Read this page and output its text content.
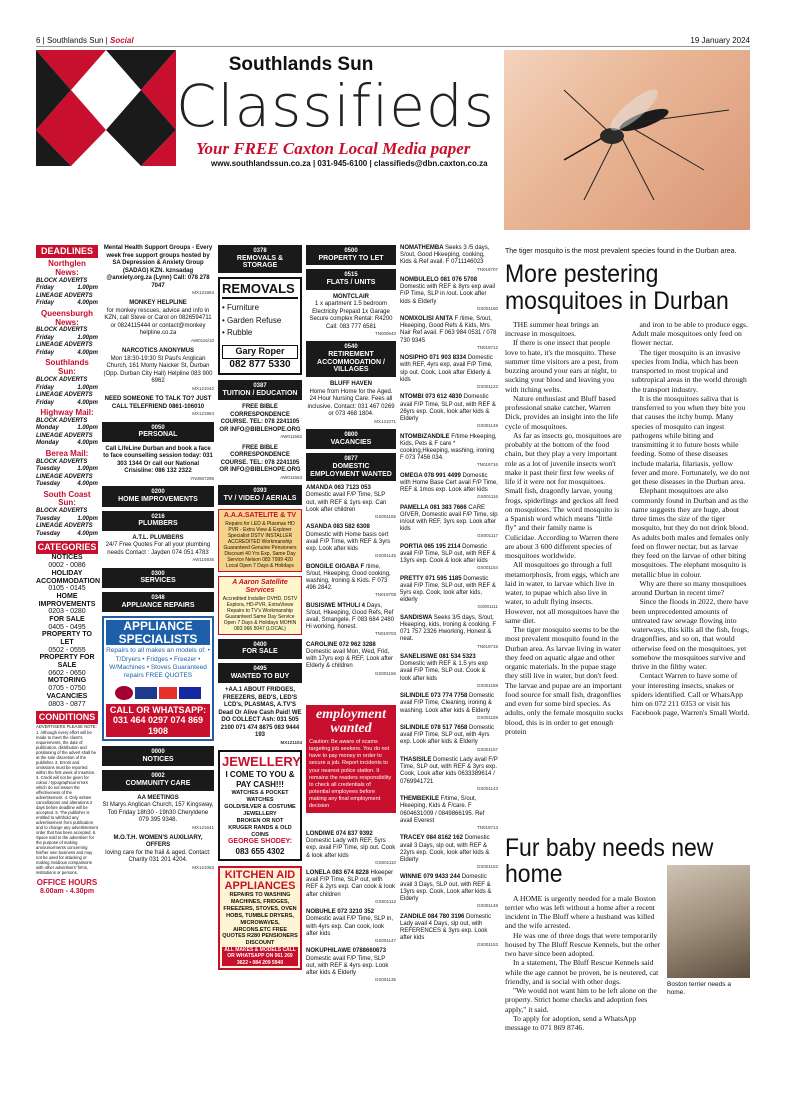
6 | Southlands Sun | Social	19 January 2024
Southlands Sun
Classifieds
Your FREE Caxton Local Media paper
www.southlandssun.co.za | 031-945-6100 | classifieds@dbn.caxton.co.za
DEADLINES
Northglen News:
BLOCK ADVERTS
Friday	1.00pm
LINEAGE ADVERTS
Friday	4.00pm
Queensburgh News:
BLOCK ADVERTS
Friday	1.00pm
LINEAGE ADVERTS
Friday	4.00pm
Southlands Sun:
BLOCK ADVERTS
Friday	1.00pm
LINEAGE ADVERTS
Friday	4.00pm
Highway Mail:
BLOCK ADVERTS
Monday	1.00pm
LINEAGE ADVERTS
Monday	4.00pm
Berea Mail:
BLOCK ADVERTS
Tuesday	1.00pm
LINEAGE ADVERTS
Tuesday	4.00pm
South Coast Sun:
BLOCK ADVERTS
Tuesday	1.00pm
LINEAGE ADVERTS
Tuesday	4.00pm
CATEGORIES
NOTICES
0002 - 0086
HOLIDAY ACCOMMODATION
0105 - 0145
HOME IMPROVEMENTS
0203 - 0280
FOR SALE
0405 - 0495
PROPERTY TO LET
0502 - 0555
PROPERTY FOR SALE
0602 - 0650
MOTORING
0705 - 0750
VACANCIES
0803 - 0877
CONDITIONS
ADVERTISERS PLEASE NOTE: 1. Although every effort will be made to meet the client's requirements, the date of publication, distribution and positioning of the advert shall be at the sole discretion of the publisher. 2. Errors and omissions must be reported within the first week of insertion. 3. Credit will not be given for colour / typographical errors which do not lessen the effectiveness of the advertisement. 4. Only written cancellations and alterations 2 days before deadline will be accepted. 5. The publisher is entitled to withhold any advertisement from publication and to change any advertisement order that has been accepted. 6. Space sold to the advertiser for the purpose of making announcements concerning his/her own business and may not be used for attacking or making invidious comparisons with other advertisers' firms, institutions or persons.
OFFICE HOURS
8.00am - 4.30pm
Mental Health Support Groups - Every week free support groups hosted by SA Depression & Anxiety Group (SADAG) KZN. kznsadag @anxiety.org.za (Lynn) Call: 078 278 7047
MX121864
MONKEY HELPLINE
for monkey rescues, advice and info in KZN, call Steve or Carol on 0826594711 or 0824115444 or contact@monkey helpline.co.za
AW0116/10
NARCOTICS ANONYMUS
Mon 18:30-19:30 St Paul's Anglican Church, 161 Monty Naicker St, Durban (Opp. Durban City Hall) Helpline 083 900 6962
MX121042
NEED SOMEONE TO TALK TO? JUST CALL TELEFRIEND 0861-106010
MX121964
0050
PERSONAL
Call LifeLine Durban and book a face to face counselling session today: 031 303 1344 Or call our National Crisisline: 086 132 2322
YN0667295
0200
HOME IMPROVEMENTS
0216
PLUMBERS
A.T.L. PLUMBERS
24/7 Free Quotes For all your plumbing needs Contact : Jayden 074 051 4783
AW115935
0300
SERVICES
0348
APPLIANCE REPAIRS
APPLIANCE SPECIALISTS
Repairs to all makes an models of: • T/Dryers • Fridges • Freezer • W/Machines • Stoves Guaranteed repairs FREE QUOTES
CALL OR WHATSAPP: 031 464 0297 074 869 1908
0000
NOTICES
0002
COMMUNITY CARE
AA MEETINGS
St Marys Anglican Church, 157 Kingsway, Toti Friday 18h30 - 19h30 Cheryldene 079 395 9348.
MX121641
M.O.T.H. WOMEN'S AUXILIARY, OFFERS
loving care for the frail & aged. Contact: Charity 031 201 4204.
MX121063
0378
REMOVALS & STORAGE
REMOVALS
• Furniture
• Garden Refuse
• Rubble
Gary Roper
082 877 5330
0387
TUITION / EDUCATION
FREE BIBLE CORRESPONDENCE COURSE. TEL: 078 2241105 OR INFO@BIBLEHOPE.ORG
AW011562
FREE BIBLE CORRESPONDENCE COURSE. TEL: 078 2241105 OR INFO@BIBLEHOPE.ORG
AW011563
0393
TV / VIDEO / AERIALS
A.A.A.SATELITE & TV
Repairs for LED & Plasmas HD PVR - Extra View & Explorer Specialist DSTV INSTALLER ACCREDITED Workmanship Guaranteed Genuine Pensioners Discount 40 Yrs Exp, Same Day Service Nelson 083 7999 420 Local Open 7 Days & Holidays
A Aaron Satellite Services
Accredited Installer OVHD, DSTV Explora, HD-PVR, ExtraViews Repairs to TV's Workmanship Guaranteed Same Day Service Open 7 Days & Holidays MOHIN 083 966 5047 (LOCAL)
0400
FOR SALE
0495
WANTED TO BUY
+AA.1 ABOUT FRIDGES, FREEZERS, BED'S, LED'S LCD's, PLASMAS, A.TV'S Dead Or Alive Cash Paid! WE DO COLLECT Ash: 031 505 2100 071 474 8875 083 9444 193
MX121104
JEWELLERY
I COME TO YOU & PAY CASH!!!
WATCHES & POCKET WATCHES
GOLD/SILVER & COSTUME JEWELLERY
BROKEN OR NOT
KRUGER RANDS & OLD COINS
GEORGE SHODEY:
083 655 4302
KITCHEN AID APPLIANCES
REPAIRS TO WASHING MACHINES, FRIDGES, FREEZERS, STOVES, OVEN HOBS, TUMBLE DRYERS, MICROWAVES, AIRCONS.ETC FREE QUOTES R280 PENSIONERS DISCOUNT
ALL MAKES & MODELS CALL OR WHATSAPP ON 061 269 3622 • 084 209 5940
0500
PROPERTY TO LET
0515
FLATS / UNITS
MONTCLAIR
1 x apartment 1.5 bedroom Electricity Prepaid 1x Garage Secure complex Rental: R4200 Call: 083 777 6581
TN000640
0540
RETIREMENT ACCOMMODATION / VILLAGES
BLUFF HAVEN
Home from Home for the Aged. 24 Hour Nursing Care. Fees all inclusive. Contact: 031 467 0269 or 073 468 1804.
MX121071
0800
VACANCIES
0877
DOMESTIC EMPLOYMENT WANTED
AMANDA 063 7123 053 Domestic avail F/P Time, SLP out, with REF & 1yrs exp. Can Look after children
GS001155
ASANDA 083 582 6308 Domestic with Home basis cert avail F/P Time, with REF & 3yrs exp. Look after kids
GS001145
BONGILE GIGABA F /time, S/out, Hkeeping, Good cooking, washing, Ironing & Kids. F 073 496 2842.
TN019708
BUSISIWE MTHULI 4 Days, S/out, Hkeeping, Good Refs, Ref avail, Smangele. F 083 684 2480 Hi working, honest.
TN019703
CAROLINE 072 962 3288 Domestic avail Mon, Wed, Frid, with 17yrs exp & REF, Look after Elderly & children
GS001156
LONDIWE 074 837 9392 Domestic Lady with REF, 5yrs exp, avail F/P Time, slp out. Cook & look after kids
GS001110
LONELA 083 674 8228 Hkeeper avail F/P Time, SLP out, with REF & 2yrs exp. Can cook & look after children
GS001112
NOBUHLE 072 3210 352 Domestic avail F/P Time, SLP in, with 4yrs exp. Can cook, look after kids
GS001147
NOKUPHILAWE 0788660673 Domestic avail F/P Time, SLP out, with REF & 4yrs exp. Look after kids & Elderly
GS001135
employment wanted
Caution: Be aware of scams targeting job seekers. You do not have to pay money in order to secure a job. Report incidents to your nearest police station. It remains the readers responsibility to check all credentials of potential employees before making any final employment decision
NOMATHEMBA Seeks 3 /5 days, S/out, Good Hkeeping, cooking, Kids & Ref avail. F 0711146023
TN019707
NOMBULELO 081 076 5708 Domestic with REF & 8yrs exp avail F/P Time, SLP in /out. Look after kids & Elderly
GS001160
NOMXOLISI ANITA F /time, S/out, Hkeeping, Good Refs & Kids, Mrs Nair Ref avail. F 063 984 0531 / 078 730 9345
TN019712
NOSIPHO 071 903 8334 Domestic with REF, 4yrs exp, avail F/P Time, slp out. Cook, Look after Elderly & kids
GS001122
NTOMBI 073 612 4830 Domestic avail F/P Time, SLP out, with REF & 26yrs exp. Cook, look after kids & Elderly
GS001149
NTOMBIZANDILE F/time Hkeeping, Kids, Pets & F care * cooking,Hkeeping, washing, ironing F 073 7456 034.
TN019716
OMEGA 078 991 4499 Domestic with Home Base Cert avail F/P Time, REF & 1mos exp. Look after kids
GS001116
PAMELLA 081 383 7666 CARE GIVER, Domestic avail F/P Time, slp in/out with REF, 3yrs exp. Look after kids
GS001117
PORTIA 065 195 2114 Domestic avail F/P Time, SLP out, with REF & 13yrs exp. Cook & look after kids
GS001154
PRETTY 071 595 1185 Domestic avail F/P Time, SLP out, with REF & 5yrs exp. Cook, look after kids, elderly
GS001111
SANDISWA Seeks 3/5 days, S/out, Hkeeping, kids, Ironing & cooking. F 071 757 2326 Hworking, Honest & neat.
TN019715
SANELISIWE 081 534 5323 Domestic with REF & 1.5 yrs exp avail F/P Time, SLP out. Cook & look after kids
GS001158
SILINDILE 073 774 7758 Domestic avail F/P Time, Cleaning, ironing & washing. Look after kids & Elderly
GS001159
SILINDILE 078 517 7658 Domestic avail F/P Time, SLP out, with 4yrs exp. Look after kids & Elderly
GS001157
THASISILE Domestic Lady avail F/P Time, SLP out, with REF & 3yrs exp. Cook, Look after kids 0633389614 / 0769941721
GS001143
THEMBEKILE F/time, S/out, Hkeeping, Kids & F/care. F 0604631009 / 0849866195. Ref avail Everest
TN019713
TRACEY 084 8162 162 Domestic avail 3 Days, slp out, with REF & 22yrs exp. Cook, look after kids & Elderly
GS001152
WINNIE 079 9433 244 Domestic avail 3 Days, SLP out, with REF & 13yrs exp. Cook, Look after kids & Elderly
GS001148
ZANDILE 084 780 3196 Domestic Lady avail 4 Days, slp out, with REFERENCES & 3yrs exp. Look after kids
GS001153
The tiger mosquito is the most prevalent species found in the Durban area.
More pestering mosquitoes in Durban

THE summer heat brings an increase in mosquitoes.

If there is one insect that people love to hate, it's the mosquito. These summer time visitors are a pest, from buzzing around your ears at night, to sucking your blood and leaving you with itching welts.

Nature enthusiast and Bluff based professional snake catcher, Warren Dick, provides an insight into the life cycle of mosquitoes.

As far as insects go, mosquitoes are probably at the bottom of the food chain, but they play a very important role as a lot of juvenile insects won't make it past their first few weeks of life if it were not for mosquitoes. Small fish, dragonfly larvae, young frogs, spiderlings and geckos all feed on mosquitoes. The word mosquito is a Spanish word which means "little fly" and their family name is Culicidae. According to Warren there are about 3 600 different species of mosquitoes worldwide.

All mosquitoes go through a full metamorphosis, from eggs, which are laid in water, to larvae which live in water, to pupae which also live in water, to adult flying insects. However, not all mosquitoes have the same diet.

The tiger mosquito seems to be the most prevalent mosquito found in the Durban area. As larvae living in water they feed on aquatic algae and other organic materials. In the pupae stage they still live in water, but don't feed. The larvae and pupae are an important food source for small fish, dragonflies and even for some bird species. As adults, only the female mosquito sucks blood, this is in order to get enough protein

and iron to be able to produce eggs. Adult male mosquitoes only feed on flower nectar.

The tiger mosquito is an invasive species from India, which has been transported to most tropical and subtropical areas in the world through the transport industry.

It is the mosquitoes saliva that is transferred to you when they bite you that causes the itchy bump. Many species of mosquito can ingest pathogens while biting and transmitting it to future hosts while feeding. Some of these diseases include malaria, filariasis, yellow fever and more. Fortunately, we do not get these diseases in the Durban area.

Elephant mosquitoes are also commonly found in Durban and as the name suggests they are huge, about three times the size of the tiger mosquito, but they do not drink blood. As adults both males and females only feed on flower nectar, but as larvae they feed on the larvae of other biting mosquitoes. The elephant mosquito is metallic blue in colour.

Why are there so many mosquitoes around Durban in recent time?

Since the floods in 2022, there have been unprecedented amounts of untreated raw sewage flowing into waterways, this kills all the fish, frogs, dragonflies, and so on, that would otherwise feed on the mosquitoes, yet somehow the mosquitoes survive and thrive in the filthy water.

Contact Warren to have some of your interesting insects, snakes or spiders identified. Call or WhatsApp him on 072 211 0353 or visit his Facebook page, Warren's Small World.

Fur baby needs new home

A HOME is urgently needed for a male Boston terrier who was left without a home after a recent incident in The Bluff where a husband was killed and the wife arrested.

He was one of three dogs that were temporarily housed by The Bluff Rescue Kennels, but the other two have since been adopted.

In a statement, The Bluff Rescue Kennels said while the age cannot be proven, he is neutered, cat friendly, and is social with other dogs.

"We would not want him to be left alone on the property. Strict home checks and adoption fees apply," it said.

To apply for adoption, send a WhatsApp message to 071 869 8746.

Boston terrier needs a home.
